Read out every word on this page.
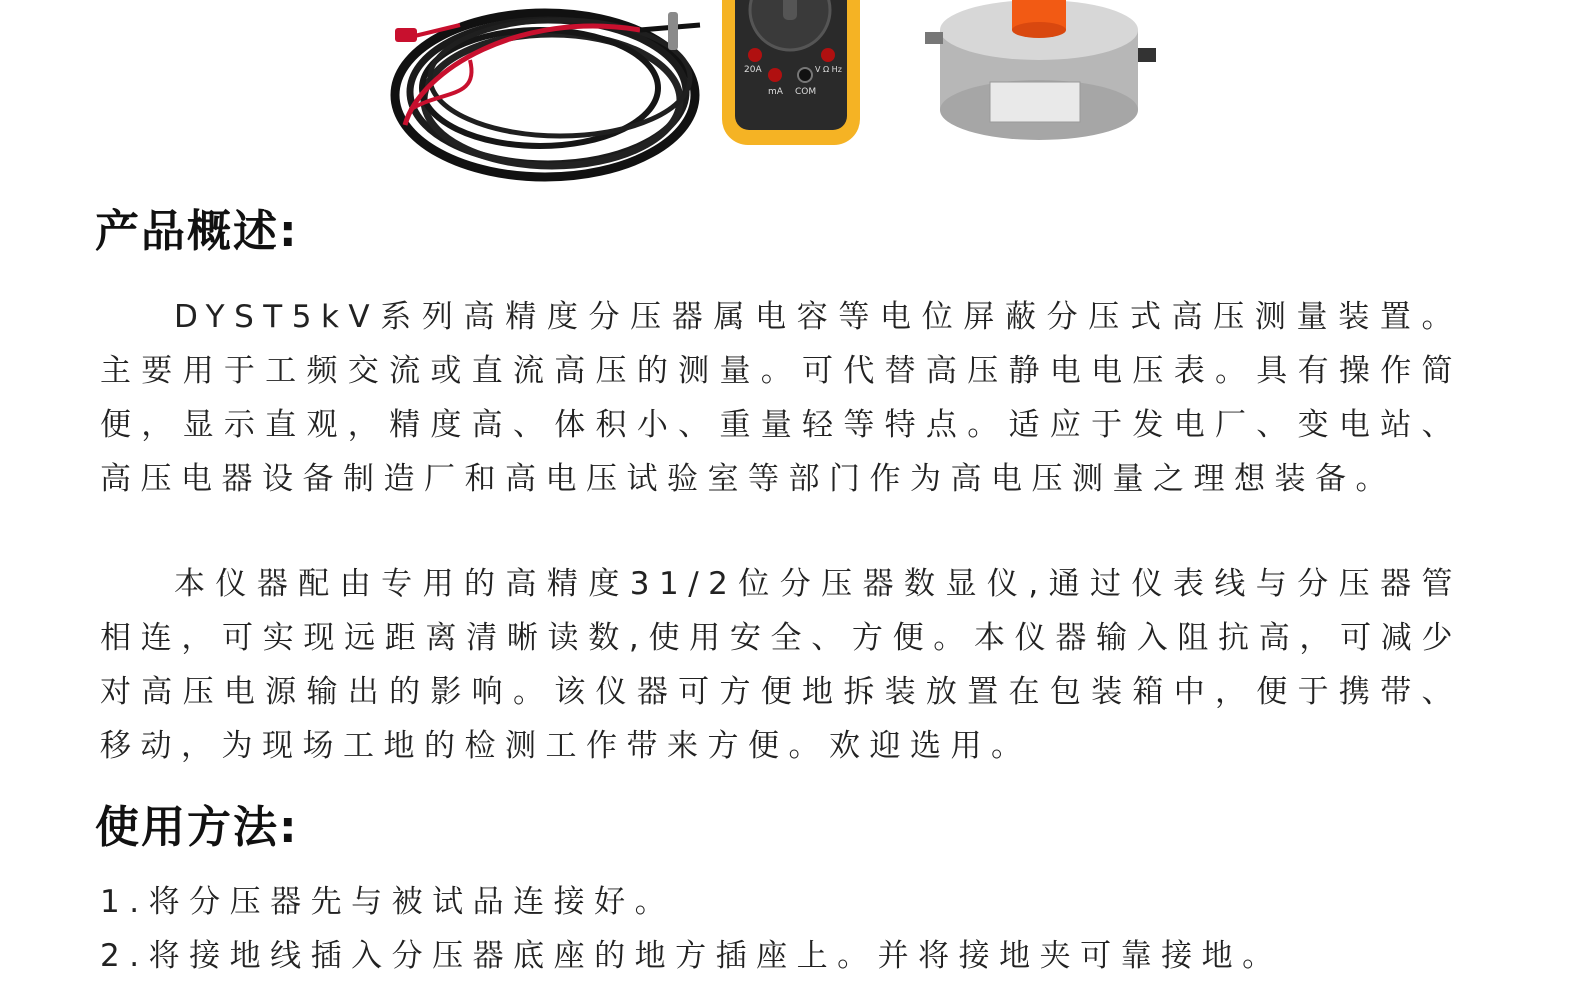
20A
mA COM
V Ω Hz
产品概述:

DYST5kV系列高精度分压器属电容等电位屏蔽分压式高压测量装置。主要用于工频交流或直流高压的测量。可代替高压静电电压表。具有操作简便，显示直观，精度高、体积小、重量轻等特点。适应于发电厂、变电站、高压电器设备制造厂和高电压试验室等部门作为高电压测量之理想装备。

本仪器配由专用的高精度31/2位分压器数显仪,通过仪表线与分压器管相连，可实现远距离清晰读数,使用安全、方便。本仪器输入阻抗高，可减少对高压电源输出的影响。该仪器可方便地拆装放置在包装箱中，便于携带、移动，为现场工地的检测工作带来方便。欢迎选用。

使用方法:
1.将分压器先与被试品连接好。
2.将接地线插入分压器底座的地方插座上。并将接地夹可靠接地。
